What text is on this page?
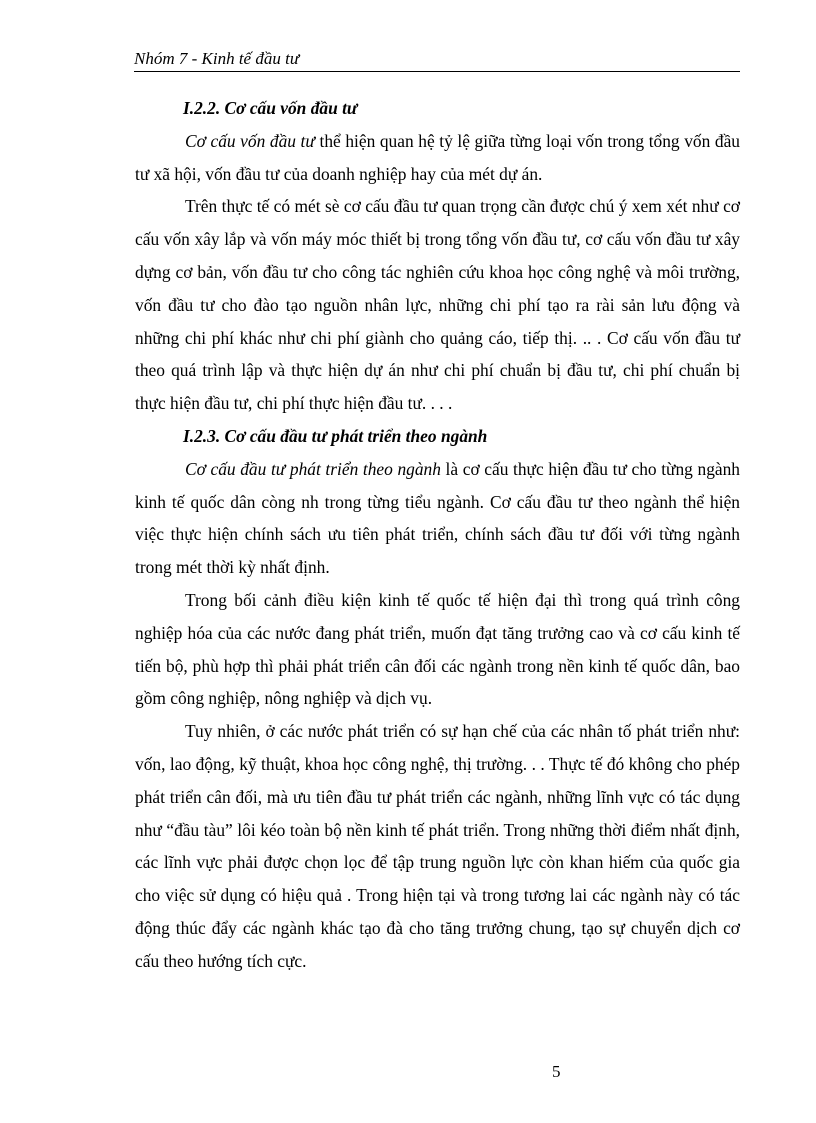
Nhóm 7 - Kinh tế đầu tư

I.2.2. Cơ cấu vốn đầu tư

Cơ cấu vốn đầu tư thể hiện quan hệ tỷ lệ giữa từng loại vốn trong tổng vốn đầu tư xã hội, vốn đầu tư của doanh nghiệp hay của mét dự án.

Trên thực tế có mét sè cơ cấu đầu tư quan trọng cần được chú ý xem xét như cơ cấu vốn xây lắp và vốn máy móc thiết bị trong tổng vốn đầu tư, cơ cấu vốn đầu tư xây dựng cơ bản, vốn đầu tư cho công tác nghiên cứu khoa học công nghệ và môi trường, vốn đầu tư cho đào tạo nguồn nhân lực, những chi phí tạo ra rài sản lưu động và những chi phí khác như chi phí giành cho quảng cáo, tiếp thị. .. . Cơ cấu vốn đầu tư theo quá trình lập và thực hiện dự án như chi phí chuẩn bị đầu tư, chi phí chuẩn bị thực hiện đầu tư, chi phí thực hiện đầu tư. . . .

I.2.3. Cơ cấu đầu tư phát triển theo ngành

Cơ cấu đầu tư phát triển theo ngành là cơ cấu thực hiện đầu tư cho từng ngành kinh tế quốc dân còng nh trong từng tiểu ngành. Cơ cấu đầu tư theo ngành thể hiện việc thực hiện chính sách ưu tiên phát triển, chính sách đầu tư đối với từng ngành trong mét thời kỳ nhất định.

Trong bối cảnh điều kiện kinh tế quốc tế hiện đại thì trong quá trình công nghiệp hóa của các nước đang phát triển, muốn đạt tăng trưởng cao và cơ cấu kinh tế tiến bộ, phù hợp thì phải phát triển cân đối các ngành trong nền kinh tế quốc dân, bao gồm công nghiệp, nông nghiệp và dịch vụ.

Tuy nhiên, ở các nước phát triển có sự hạn chế của các nhân tố phát triển như: vốn, lao động, kỹ thuật, khoa học công nghệ, thị trường. . . Thực tế đó không cho phép phát triển cân đối, mà ưu tiên đầu tư phát triển các ngành, những lĩnh vực có tác dụng như “đầu tàu” lôi kéo toàn bộ nền kinh tế phát triển. Trong những thời điểm nhất định, các lĩnh vực phải được chọn lọc để tập trung nguồn lực còn khan hiếm của quốc gia cho việc sử dụng có hiệu quả . Trong hiện tại và trong tương lai các ngành này có tác động thúc đẩy các ngành khác tạo đà cho tăng trưởng chung, tạo sự chuyển dịch cơ cấu theo hướng tích cực.

5
